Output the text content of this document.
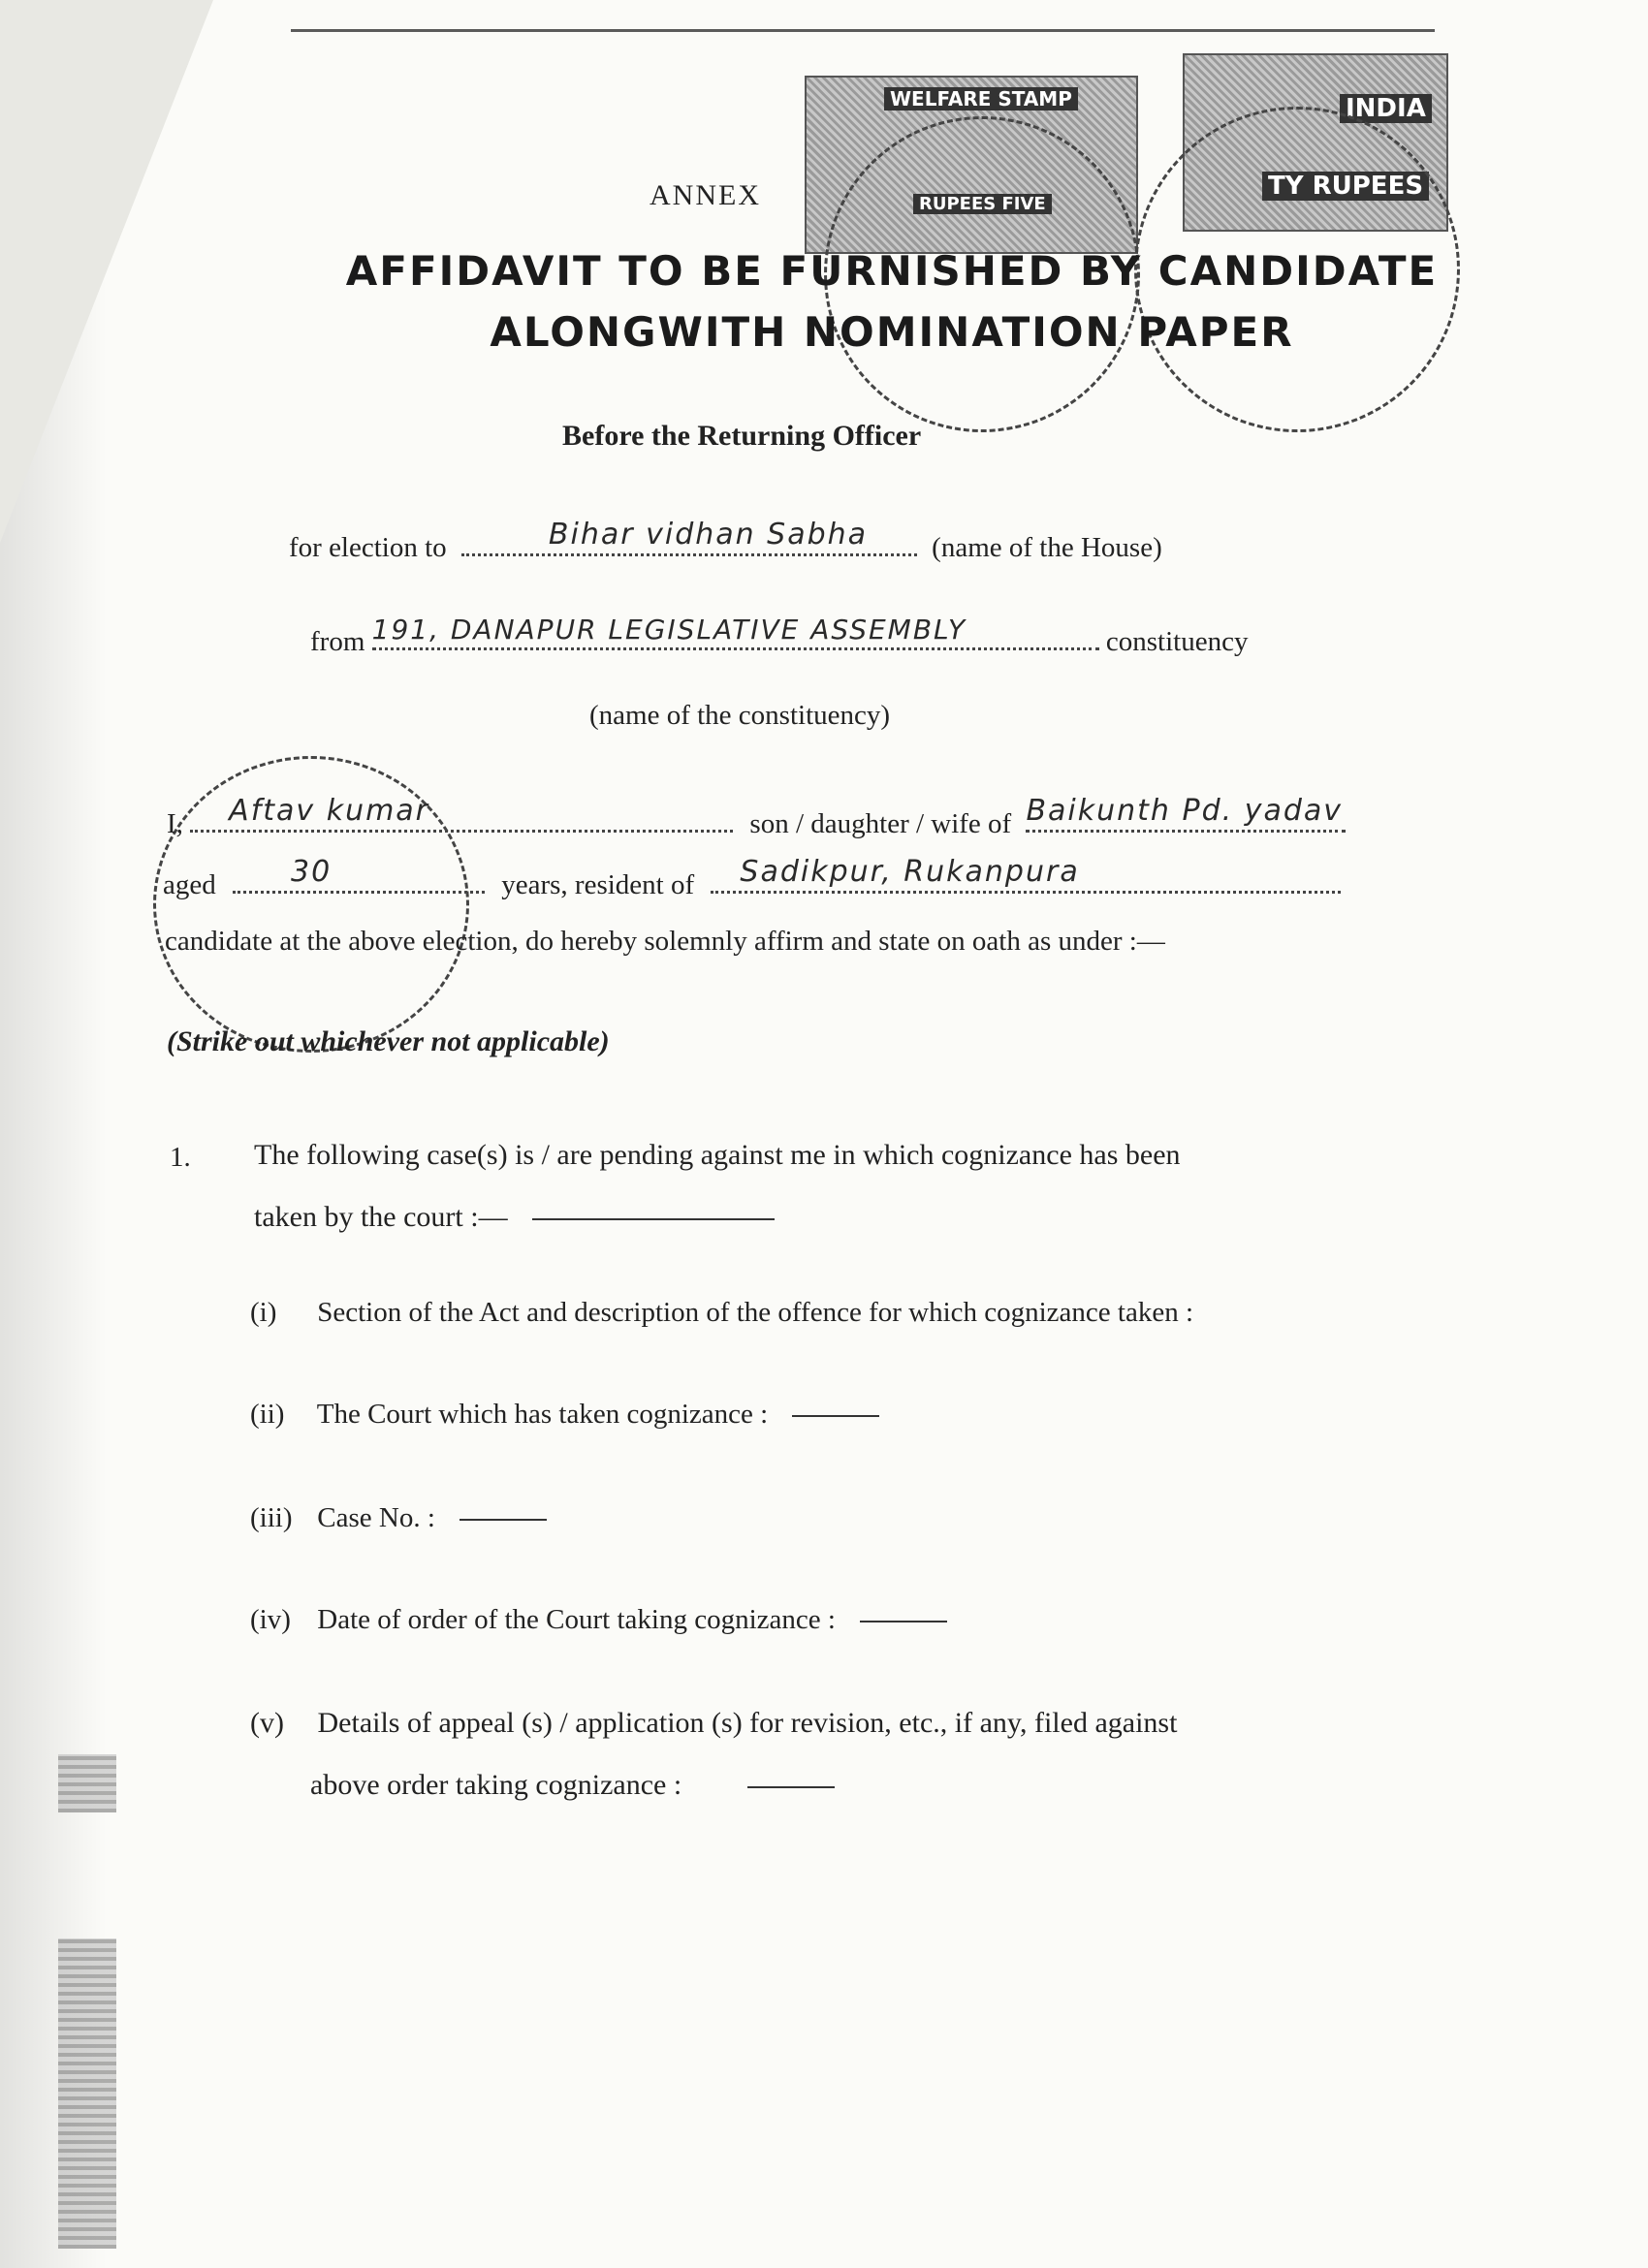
WELFARE STAMP
RUPEES FIVE
INDIA
TY RUPEES
ANNEX
AFFIDAVIT TO BE FURNISHED BY CANDIDATE
ALONGWITH NOMINATION PAPER
Before the Returning Officer
for election to	Bihar vidhan Sabha (name of the House)
from 191, DANAPUR LEGISLATIVE ASSEMBLY	constituency
(name of the constituency)
I, Aftav kumar	son / daughter / wife of Baikunth Pd. yadav
aged	30	years, resident of Sadikpur, Rukanpura
candidate at the above election, do hereby solemnly affirm and state on oath as under :—
(Strike out whichever not applicable)
1. The following case(s) is / are pending against me in which cognizance has been
taken by the court :—
(i) Section of the Act and description of the offence for which cognizance taken :
(ii) The Court which has taken cognizance :
(iii) Case No. :
(iv) Date of order of the Court taking cognizance :
(v) Details of appeal (s) / application (s) for revision, etc., if any, filed against
above order taking cognizance :
